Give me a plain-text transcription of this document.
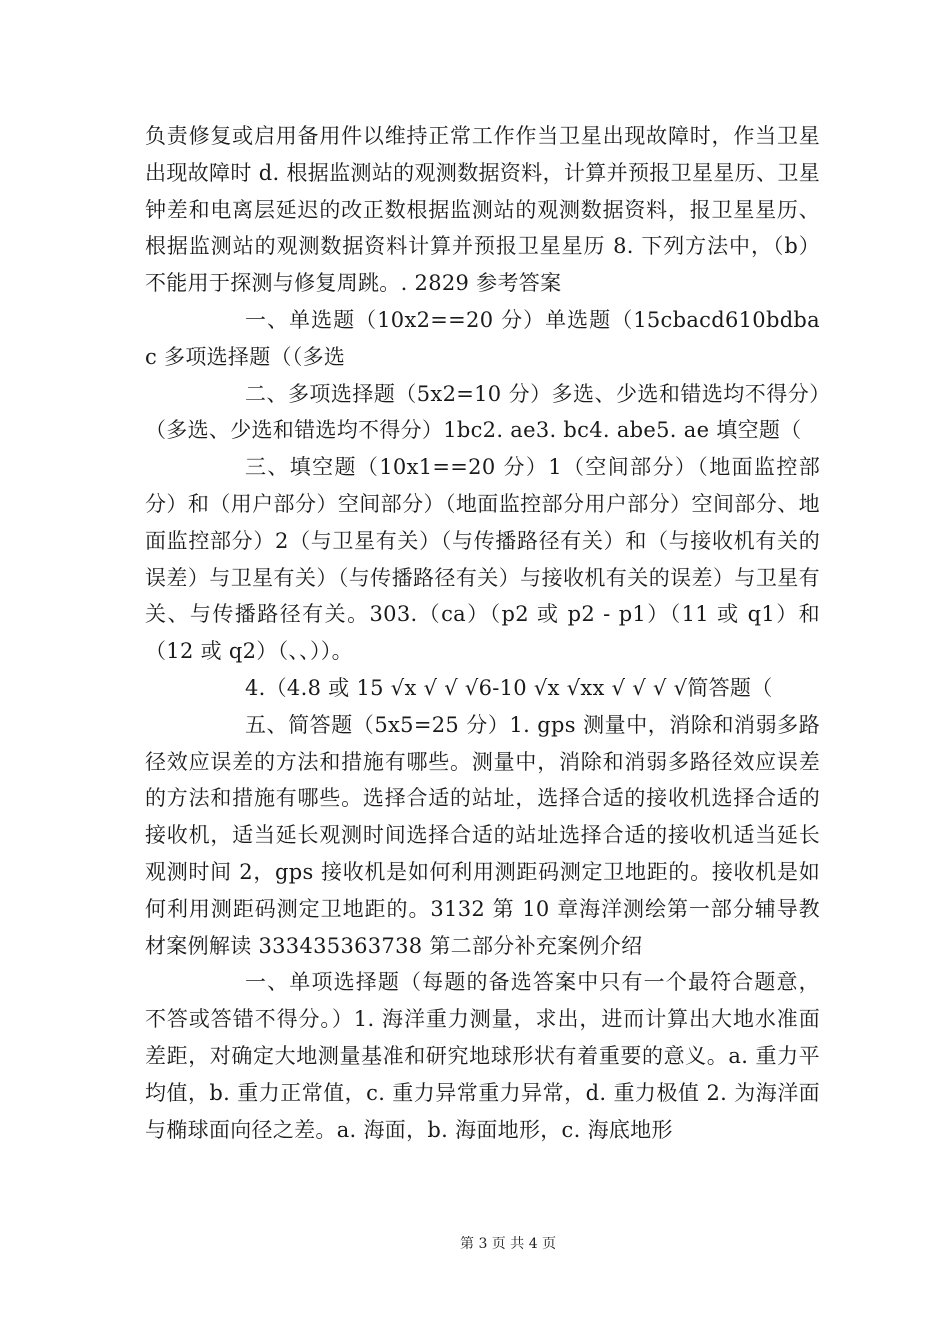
负责修复或启用备用件以维持正常工作作当卫星出现故障时，作当卫星出现故障时 d. 根据监测站的观测数据资料，计算并预报卫星星历、卫星钟差和电离层延迟的改正数根据监测站的观测数据资料，报卫星星历、根据监测站的观测数据资料计算并预报卫星星历 8. 下列方法中，（b）不能用于探测与修复周跳。. 2829 参考答案

一、单选题（10x2==20 分）单选题（15cbacd610bdbac 多项选择题（（多选

二、多项选择题（5x2=10 分）多选、少选和错选均不得分）（多选、少选和错选均不得分）1bc2. ae3. bc4. abe5. ae 填空题（

三、填空题（10x1==20 分）1（空间部分）（地面监控部分）和（用户部分）空间部分）（地面监控部分用户部分）空间部分、地面监控部分）2（与卫星有关）（与传播路径有关）和（与接收机有关的误差）与卫星有关）（与传播路径有关）与接收机有关的误差）与卫星有关、与传播路径有关。303.（ca）（p2 或 p2 - p1）（11 或 q1）和（12 或 q2）（、、））。

4.（4.8 或 15 √x √ √ √6-10 √x √xx √ √ √ √简答题（

五、简答题（5x5=25 分）1. gps 测量中，消除和消弱多路径效应误差的方法和措施有哪些。测量中，消除和消弱多路径效应误差的方法和措施有哪些。选择合适的站址，选择合适的接收机选择合适的接收机，适当延长观测时间选择合适的站址选择合适的接收机适当延长观测时间 2，gps 接收机是如何利用测距码测定卫地距的。接收机是如何利用测距码测定卫地距的。3132 第 10 章海洋测绘第一部分辅导教材案例解读 333435363738 第二部分补充案例介绍

一、单项选择题（每题的备选答案中只有一个最符合题意，不答或答错不得分。）1. 海洋重力测量，求出，进而计算出大地水准面差距，对确定大地测量基准和研究地球形状有着重要的意义。a. 重力平均值，b. 重力正常值，c. 重力异常重力异常，d. 重力极值 2. 为海洋面与椭球面向径之差。a. 海面，b. 海面地形，c. 海底地形

第 3 页 共 4 页
